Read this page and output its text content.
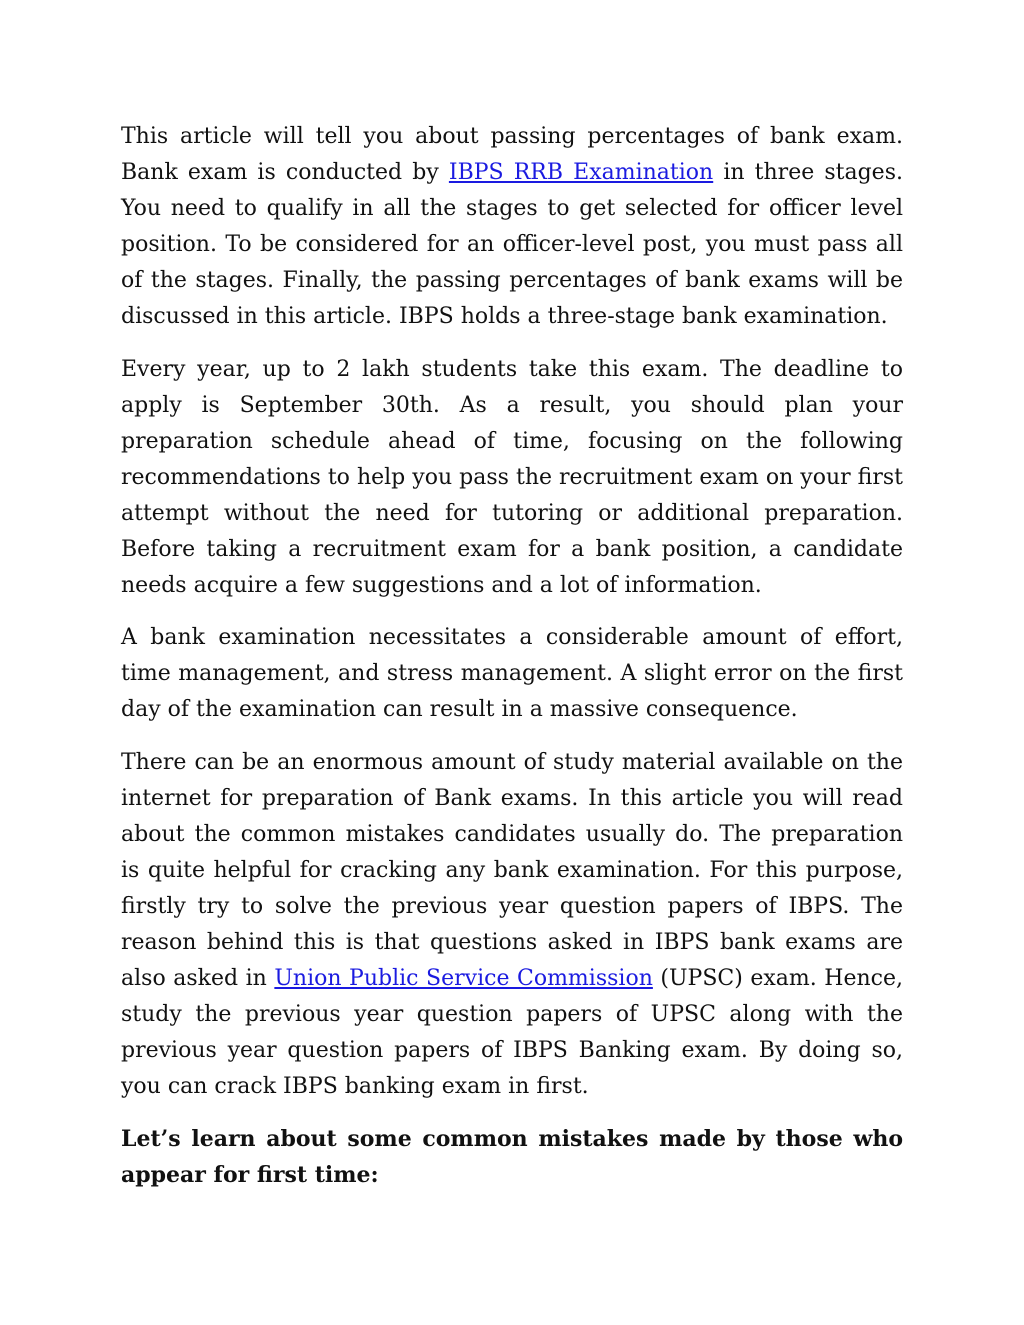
This article will tell you about passing percentages of bank exam. Bank exam is conducted by IBPS RRB Examination in three stages. You need to qualify in all the stages to get selected for officer level position. To be considered for an officer-level post, you must pass all of the stages. Finally, the passing percentages of bank exams will be discussed in this article. IBPS holds a three-stage bank examination.

Every year, up to 2 lakh students take this exam. The deadline to apply is September 30th. As a result, you should plan your preparation schedule ahead of time, focusing on the following recommendations to help you pass the recruitment exam on your first attempt without the need for tutoring or additional preparation. Before taking a recruitment exam for a bank position, a candidate needs acquire a few suggestions and a lot of information.

A bank examination necessitates a considerable amount of effort, time management, and stress management. A slight error on the first day of the examination can result in a massive consequence.

There can be an enormous amount of study material available on the internet for preparation of Bank exams. In this article you will read about the common mistakes candidates usually do. The preparation is quite helpful for cracking any bank examination. For this purpose, firstly try to solve the previous year question papers of IBPS. The reason behind this is that questions asked in IBPS bank exams are also asked in Union Public Service Commission (UPSC) exam. Hence, study the previous year question papers of UPSC along with the previous year question papers of IBPS Banking exam. By doing so, you can crack IBPS banking exam in first.

Let’s learn about some common mistakes made by those who appear for first time:
